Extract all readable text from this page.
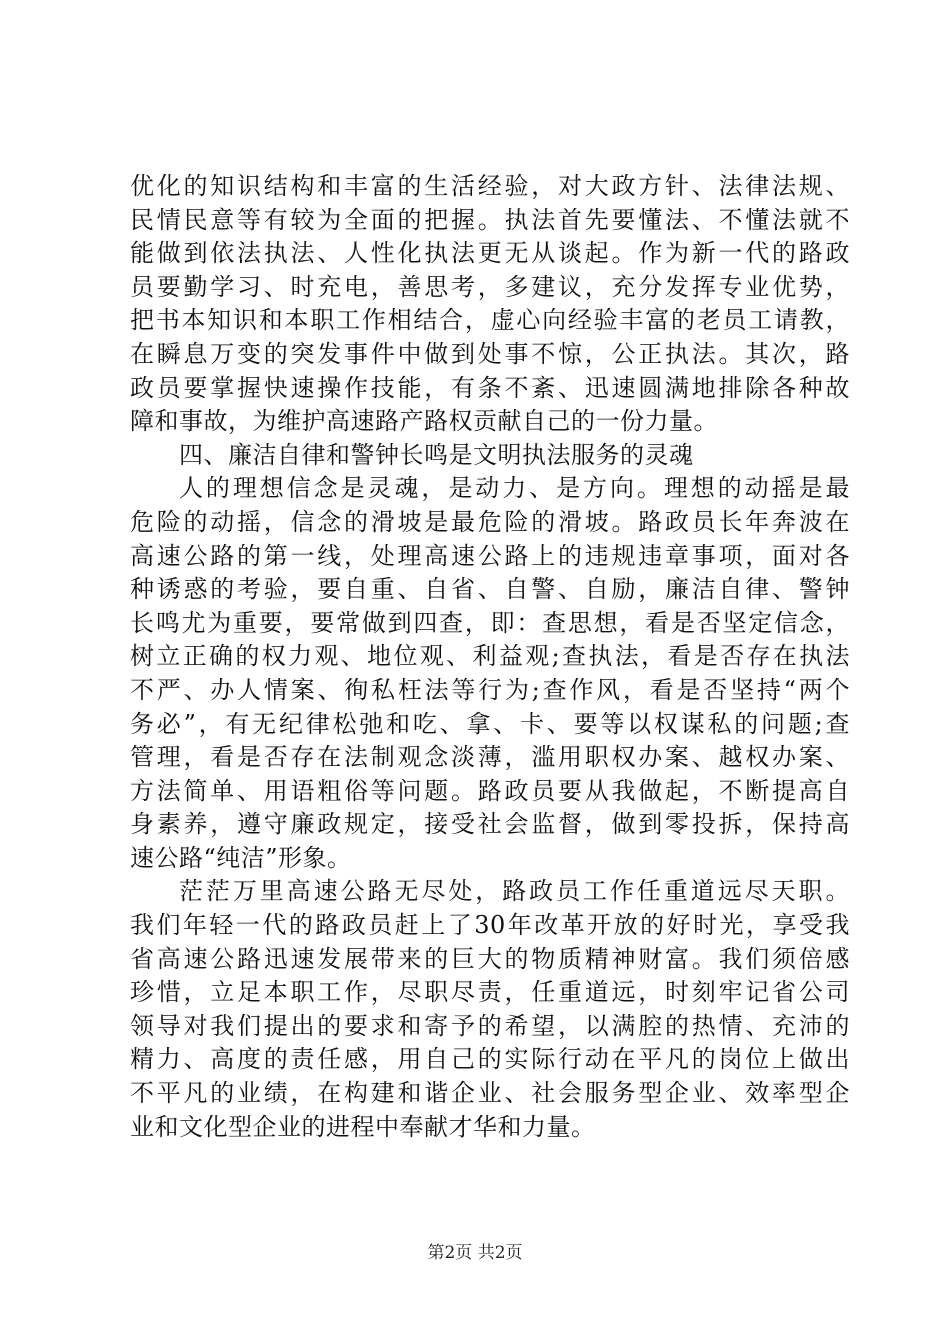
优化的知识结构和丰富的生活经验，对大政方针、法律法规、
民情民意等有较为全面的把握。执法首先要懂法、不懂法就不
能做到依法执法、人性化执法更无从谈起。作为新一代的路政
员要勤学习、时充电，善思考，多建议，充分发挥专业优势，
把书本知识和本职工作相结合，虚心向经验丰富的老员工请教，
在瞬息万变的突发事件中做到处事不惊，公正执法。其次，路
政员要掌握快速操作技能，有条不紊、迅速圆满地排除各种故
障和事故，为维护高速路产路权贡献自己的一份力量。
四、廉洁自律和警钟长鸣是文明执法服务的灵魂
人的理想信念是灵魂，是动力、是方向。理想的动摇是最
危险的动摇，信念的滑坡是最危险的滑坡。路政员长年奔波在
高速公路的第一线，处理高速公路上的违规违章事项，面对各
种诱惑的考验，要自重、自省、自警、自励，廉洁自律、警钟
长鸣尤为重要，要常做到四查，即：查思想，看是否坚定信念，
树立正确的权力观、地位观、利益观;查执法，看是否存在执法
不严、办人情案、徇私枉法等行为;查作风，看是否坚持“两个
务必”，有无纪律松弛和吃、拿、卡、要等以权谋私的问题;查
管理，看是否存在法制观念淡薄，滥用职权办案、越权办案、
方法简单、用语粗俗等问题。路政员要从我做起，不断提高自
身素养，遵守廉政规定，接受社会监督，做到零投拆，保持高
速公路“纯洁”形象。
茫茫万里高速公路无尽处，路政员工作任重道远尽天职。
我们年轻一代的路政员赶上了30年改革开放的好时光，享受我
省高速公路迅速发展带来的巨大的物质精神财富。我们须倍感
珍惜，立足本职工作，尽职尽责，任重道远，时刻牢记省公司
领导对我们提出的要求和寄予的希望，以满腔的热情、充沛的
精力、高度的责任感，用自己的实际行动在平凡的岗位上做出
不平凡的业绩，在构建和谐企业、社会服务型企业、效率型企
业和文化型企业的进程中奉献才华和力量。
第2页 共2页
